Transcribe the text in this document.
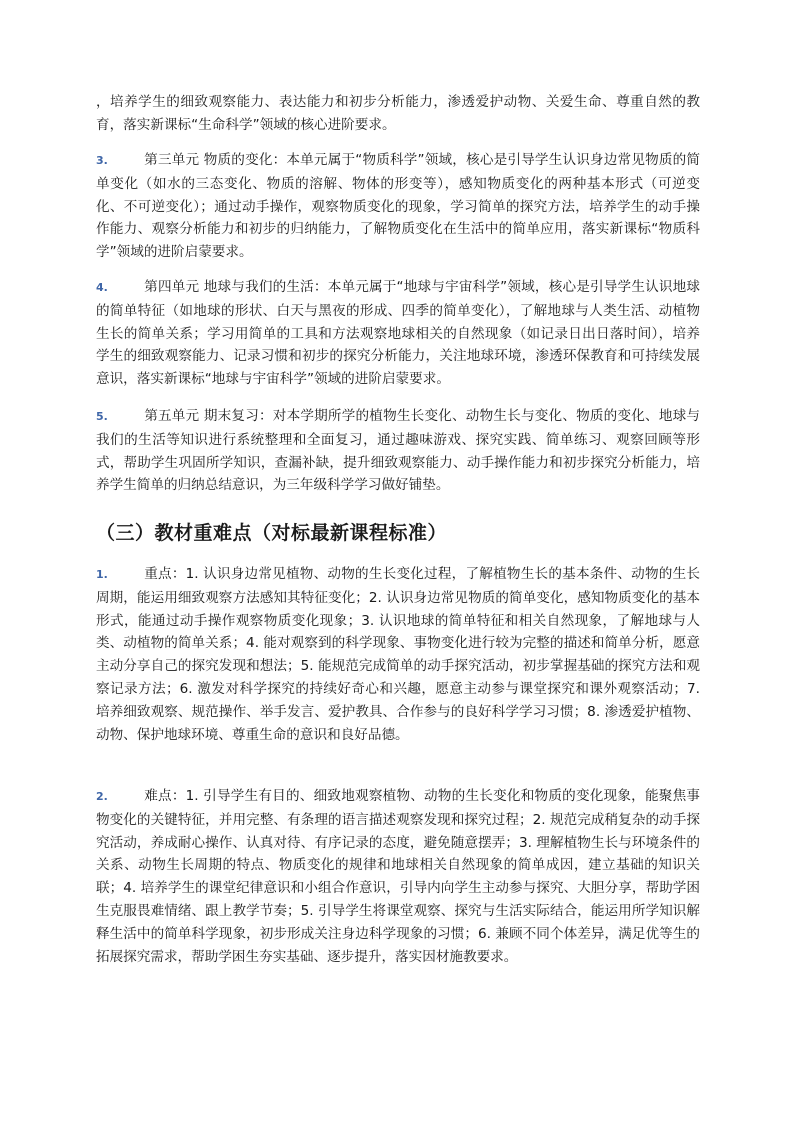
，培养学生的细致观察能力、表达能力和初步分析能力，渗透爱护动物、关爱生命、尊重自然的教育，落实新课标“生命科学”领域的核心进阶要求。
3.	第三单元 物质的变化：本单元属于“物质科学”领域，核心是引导学生认识身边常见物质的简单变化（如水的三态变化、物质的溶解、物体的形变等），感知物质变化的两种基本形式（可逆变化、不可逆变化）；通过动手操作，观察物质变化的现象，学习简单的探究方法，培养学生的动手操作能力、观察分析能力和初步的归纳能力，了解物质变化在生活中的简单应用，落实新课标“物质科学”领域的进阶启蒙要求。
4.	第四单元 地球与我们的生活：本单元属于“地球与宇宙科学”领域，核心是引导学生认识地球的简单特征（如地球的形状、白天与黑夜的形成、四季的简单变化），了解地球与人类生活、动植物生长的简单关系；学习用简单的工具和方法观察地球相关的自然现象（如记录日出日落时间），培养学生的细致观察能力、记录习惯和初步的探究分析能力，关注地球环境，渗透环保教育和可持续发展意识，落实新课标“地球与宇宙科学”领域的进阶启蒙要求。
5.	第五单元 期末复习：对本学期所学的植物生长变化、动物生长与变化、物质的变化、地球与我们的生活等知识进行系统整理和全面复习，通过趣味游戏、探究实践、简单练习、观察回顾等形式，帮助学生巩固所学知识，查漏补缺，提升细致观察能力、动手操作能力和初步探究分析能力，培养学生简单的归纳总结意识，为三年级科学学习做好铺垫。
（三）教材重难点（对标最新课程标准）
1.	重点：1. 认识身边常见植物、动物的生长变化过程，了解植物生长的基本条件、动物的生长周期，能运用细致观察方法感知其特征变化；2. 认识身边常见物质的简单变化，感知物质变化的基本形式，能通过动手操作观察物质变化现象；3. 认识地球的简单特征和相关自然现象，了解地球与人类、动植物的简单关系；4. 能对观察到的科学现象、事物变化进行较为完整的描述和简单分析，愿意主动分享自己的探究发现和想法；5. 能规范完成简单的动手探究活动，初步掌握基础的探究方法和观察记录方法；6. 激发对科学探究的持续好奇心和兴趣，愿意主动参与课堂探究和课外观察活动；7. 培养细致观察、规范操作、举手发言、爱护教具、合作参与的良好科学学习习惯；8. 渗透爱护植物、动物、保护地球环境、尊重生命的意识和良好品德。
2.	难点：1. 引导学生有目的、细致地观察植物、动物的生长变化和物质的变化现象，能聚焦事物变化的关键特征，并用完整、有条理的语言描述观察发现和探究过程；2. 规范完成稍复杂的动手探究活动，养成耐心操作、认真对待、有序记录的态度，避免随意摆弄；3. 理解植物生长与环境条件的关系、动物生长周期的特点、物质变化的规律和地球相关自然现象的简单成因，建立基础的知识关联；4. 培养学生的课堂纪律意识和小组合作意识，引导内向学生主动参与探究、大胆分享，帮助学困生克服畏难情绪、跟上教学节奏；5. 引导学生将课堂观察、探究与生活实际结合，能运用所学知识解释生活中的简单科学现象，初步形成关注身边科学现象的习惯；6. 兼顾不同个体差异，满足优等生的拓展探究需求，帮助学困生夯实基础、逐步提升，落实因材施教要求。
